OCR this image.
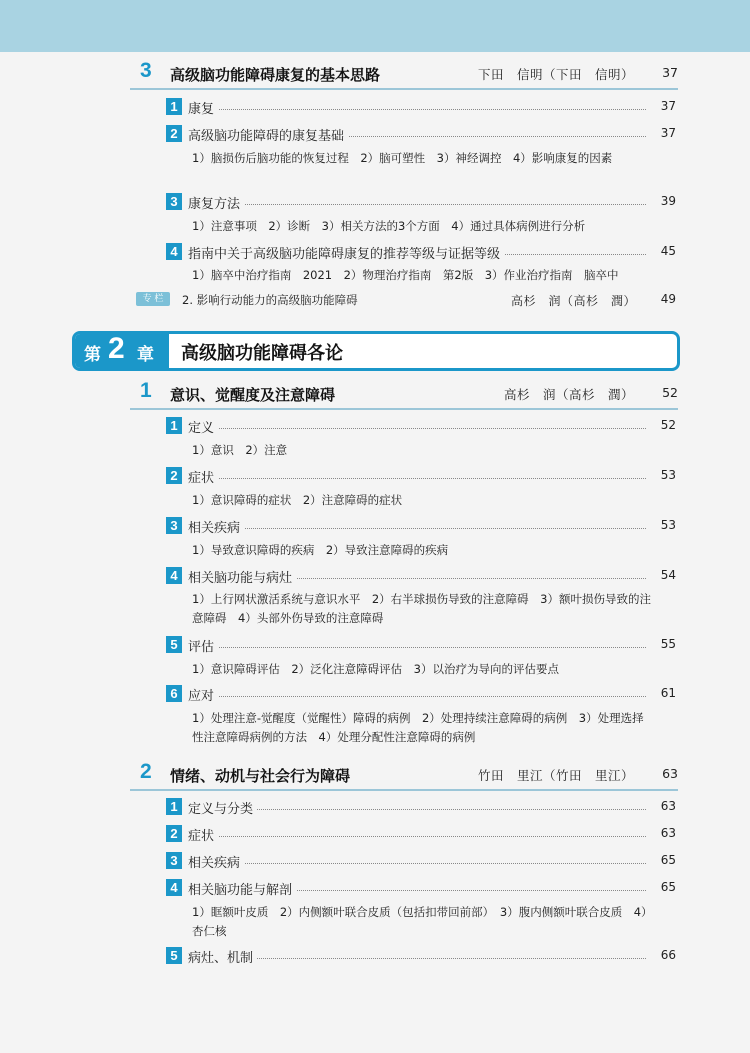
3 高级脑功能障碍康复的基本思路	下田　信明（下田　信明） 37
1 康复	37
2 高级脑功能障碍的康复基础	37
1）脑损伤后脑功能的恢复过程　2）脑可塑性　3）神经调控　4）影响康复的因素
3 康复方法	39
1）注意事项　2）诊断　3）相关方法的3个方面　4）通过具体病例进行分析
4 指南中关于高级脑功能障碍康复的推荐等级与证据等级	45
1）脑卒中治疗指南　2021　2）物理治疗指南　第2版　3）作业治疗指南　脑卒中
专 栏	2. 影响行动能力的高级脑功能障碍	高杉　润（高杉　潤） 49
第 2 章 高级脑功能障碍各论
1 意识、觉醒度及注意障碍	高杉　润（高杉　潤） 52
1 定义	52
1）意识　2）注意
2 症状	53
1）意识障碍的症状　2）注意障碍的症状
3 相关疾病	53
1）导致意识障碍的疾病　2）导致注意障碍的疾病
4 相关脑功能与病灶	54
1）上行网状激活系统与意识水平　2）右半球损伤导致的注意障碍　3）额叶损伤导致的注意障碍　4）头部外伤导致的注意障碍
5 评估	55
1）意识障碍评估　2）泛化注意障碍评估　3）以治疗为导向的评估要点
6 应对	61
1）处理注意-觉醒度（觉醒性）障碍的病例　2）处理持续注意障碍的病例　3）处理选择性注意障碍病例的方法　4）处理分配性注意障碍的病例
2 情绪、动机与社会行为障碍	竹田　里江（竹田　里江） 63
1 定义与分类	63
2 症状	63
3 相关疾病	65
4 相关脑功能与解剖	65
1）眶额叶皮质　2）内侧额叶联合皮质（包括扣带回前部）　3）腹内侧额叶联合皮质　4）杏仁核
5 病灶、机制	66
